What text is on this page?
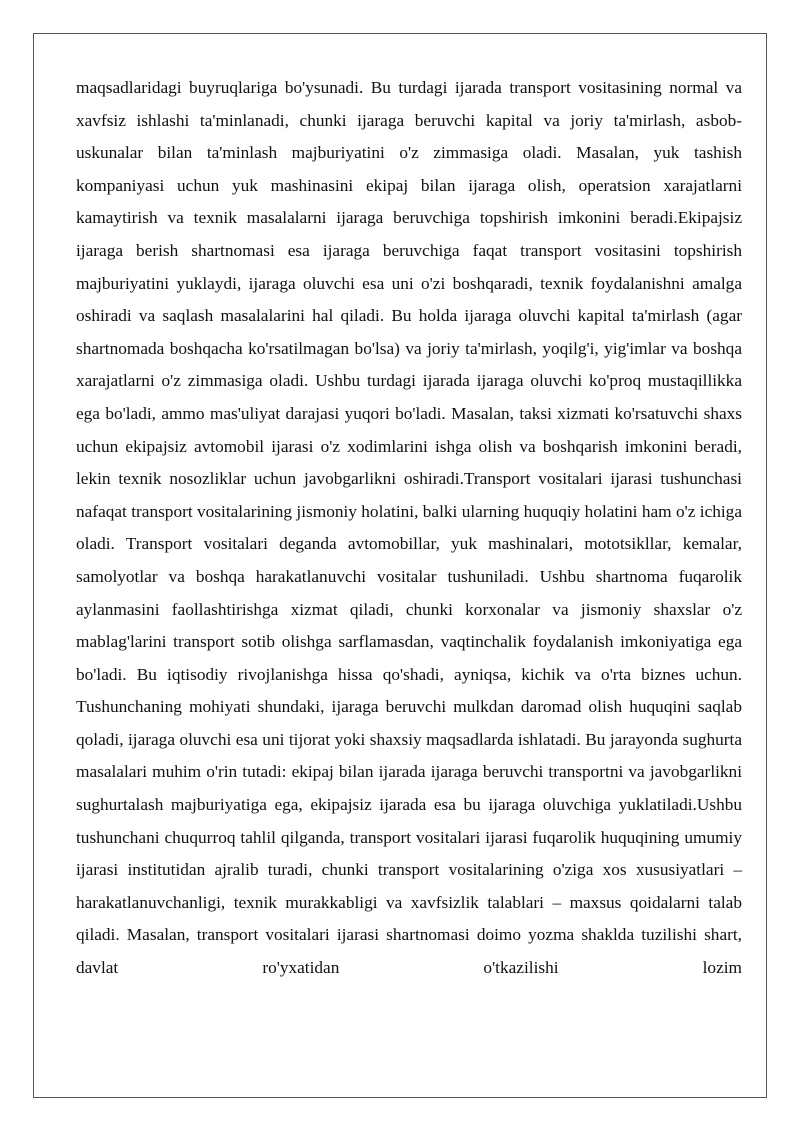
maqsadlaridagi buyruqlariga bo'ysunadi. Bu turdagi ijarada transport vositasining normal va xavfsiz ishlashi ta'minlanadi, chunki ijaraga beruvchi kapital va joriy ta'mirlash, asbob-uskunalar bilan ta'minlash majburiyatini o'z zimmasiga oladi. Masalan, yuk tashish kompaniyasi uchun yuk mashinasini ekipaj bilan ijaraga olish, operatsion xarajatlarni kamaytirish va texnik masalalarni ijaraga beruvchiga topshirish imkonini beradi.Ekipajsiz ijaraga berish shartnomasi esa ijaraga beruvchiga faqat transport vositasini topshirish majburiyatini yuklaydi, ijaraga oluvchi esa uni o'zi boshqaradi, texnik foydalanishni amalga oshiradi va saqlash masalalarini hal qiladi. Bu holda ijaraga oluvchi kapital ta'mirlash (agar shartnomada boshqacha ko'rsatilmagan bo'lsa) va joriy ta'mirlash, yoqilg'i, yig'imlar va boshqa xarajatlarni o'z zimmasiga oladi. Ushbu turdagi ijarada ijaraga oluvchi ko'proq mustaqillikka ega bo'ladi, ammo mas'uliyat darajasi yuqori bo'ladi. Masalan, taksi xizmati ko'rsatuvchi shaxs uchun ekipajsiz avtomobil ijarasi o'z xodimlarini ishga olish va boshqarish imkonini beradi, lekin texnik nosozliklar uchun javobgarlikni oshiradi.Transport vositalari ijarasi tushunchasi nafaqat transport vositalarining jismoniy holatini, balki ularning huquqiy holatini ham o'z ichiga oladi. Transport vositalari deganda avtomobillar, yuk mashinalari, mototsikllar, kemalar, samolyotlar va boshqa harakatlanuvchi vositalar tushuniladi. Ushbu shartnoma fuqarolik aylanmasini faollashtirishga xizmat qiladi, chunki korxonalar va jismoniy shaxslar o'z mablag'larini transport sotib olishga sarflamasdan, vaqtinchalik foydalanish imkoniyatiga ega bo'ladi. Bu iqtisodiy rivojlanishga hissa qo'shadi, ayniqsa, kichik va o'rta biznes uchun. Tushunchaning mohiyati shundaki, ijaraga beruvchi mulkdan daromad olish huquqini saqlab qoladi, ijaraga oluvchi esa uni tijorat yoki shaxsiy maqsadlarda ishlatadi. Bu jarayonda sughurta masalalari muhim o'rin tutadi: ekipaj bilan ijarada ijaraga beruvchi transportni va javobgarlikni sughurtalash majburiyatiga ega, ekipajsiz ijarada esa bu ijaraga oluvchiga yuklatiladi.Ushbu tushunchani chuqurroq tahlil qilganda, transport vositalari ijarasi fuqarolik huquqining umumiy ijarasi institutidan ajralib turadi, chunki transport vositalarining o'ziga xos xususiyatlari – harakatlanuvchanligi, texnik murakkabligi va xavfsizlik talablari – maxsus qoidalarni talab qiladi. Masalan, transport vositalari ijarasi shartnomasi doimo yozma shaklda tuzilishi shart, davlat ro'yxatidan o'tkazilishi lozim
